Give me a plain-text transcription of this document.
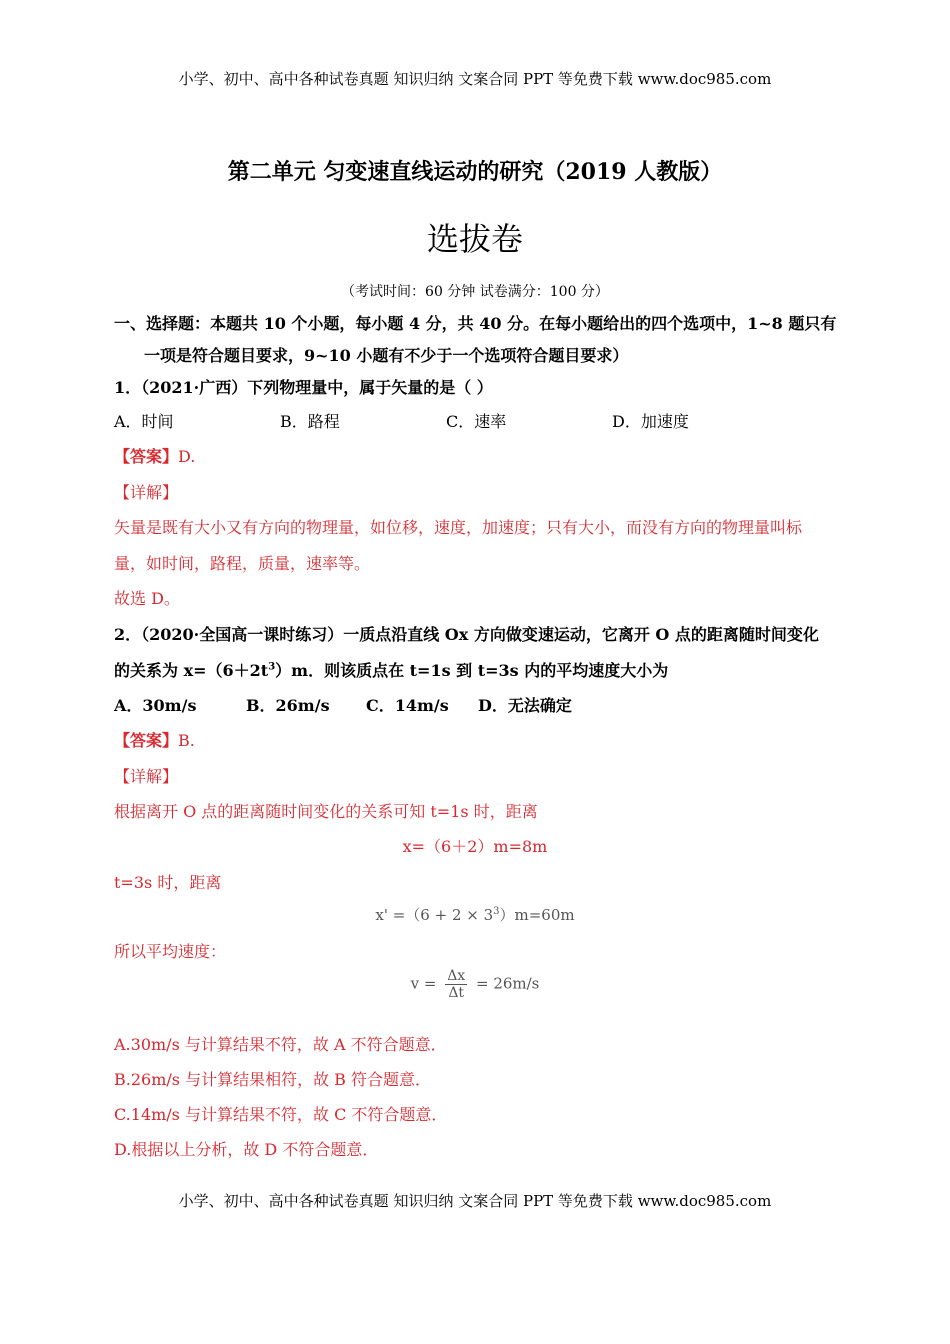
小学、初中、高中各种试卷真题 知识归纳 文案合同 PPT 等免费下载 www.doc985.com
第二单元 匀变速直线运动的研究（2019 人教版）
选拔卷
（考试时间：60 分钟 试卷满分：100 分）
一、选择题：本题共 10 个小题，每小题 4 分，共 40 分。在每小题给出的四个选项中，1~8 题只有
一项是符合题目要求，9~10 小题有不少于一个选项符合题目要求）
1．（2021·广西）下列物理量中，属于矢量的是（ ）
A．时间	B．路程	C．速率	D．加速度
【答案】D.
【详解】
矢量是既有大小又有方向的物理量，如位移，速度，加速度；只有大小，而没有方向的物理量叫标
量，如时间，路程，质量，速率等。
故选 D。
2．（2020·全国高一课时练习）一质点沿直线 Ox 方向做变速运动，它离开 O 点的距离随时间变化
的关系为 $x=(6+2t^3)m$．则该质点在 t=1s 到 t=3s 内的平均速度大小为
A．30m/s	B．26m/s C．14m/s D．无法确定
【答案】B.
【详解】
根据离开 O 点的距离随时间变化的关系可知 t=1s 时，距离
x=（6＋2）m=8m
t=3s 时，距离
$x' =(6 + 2 \times 3^3)m=60m$
所以平均速度：
$v = \frac{\Delta x}{\Delta t} = 26m/s$
A.30m/s 与计算结果不符，故 A 不符合题意．
B.26m/s 与计算结果相符，故 B 符合题意．
C.14m/s 与计算结果不符，故 C 不符合题意．
D.根据以上分析，故 D 不符合题意．
小学、初中、高中各种试卷真题 知识归纳 文案合同 PPT 等免费下载 www.doc985.com
